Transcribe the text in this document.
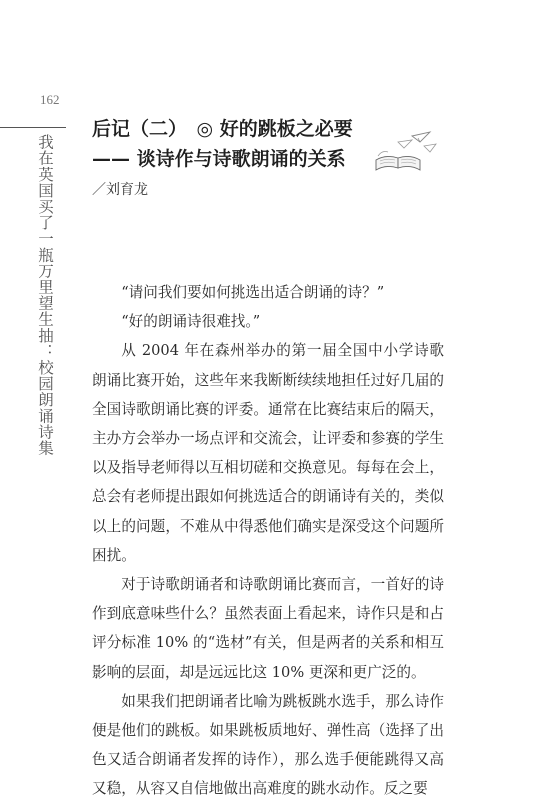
162
我在英国买了一瓶万里望生抽：校园朗诵诗集
后记（二）　◎ 好的跳板之必要
—— 谈诗作与诗歌朗诵的关系
／刘育龙

“请问我们要如何挑选出适合朗诵的诗？”

“好的朗诵诗很难找。”

从 2004 年在森州举办的第一届全国中小学诗歌朗诵比赛开始，这些年来我断断续续地担任过好几届的全国诗歌朗诵比赛的评委。通常在比赛结束后的隔天，主办方会举办一场点评和交流会，让评委和参赛的学生以及指导老师得以互相切磋和交换意见。每每在会上，总会有老师提出跟如何挑选适合的朗诵诗有关的，类似以上的问题，不难从中得悉他们确实是深受这个问题所困扰。

对于诗歌朗诵者和诗歌朗诵比赛而言，一首好的诗作到底意味些什么？虽然表面上看起来，诗作只是和占评分标准 10% 的“选材”有关，但是两者的关系和相互影响的层面，却是远远比这 10% 更深和更广泛的。

如果我们把朗诵者比喻为跳板跳水选手，那么诗作便是他们的跳板。如果跳板质地好、弹性高（选择了出色又适合朗诵者发挥的诗作），那么选手便能跳得又高又稳，从容又自信地做出高难度的跳水动作。反之要
